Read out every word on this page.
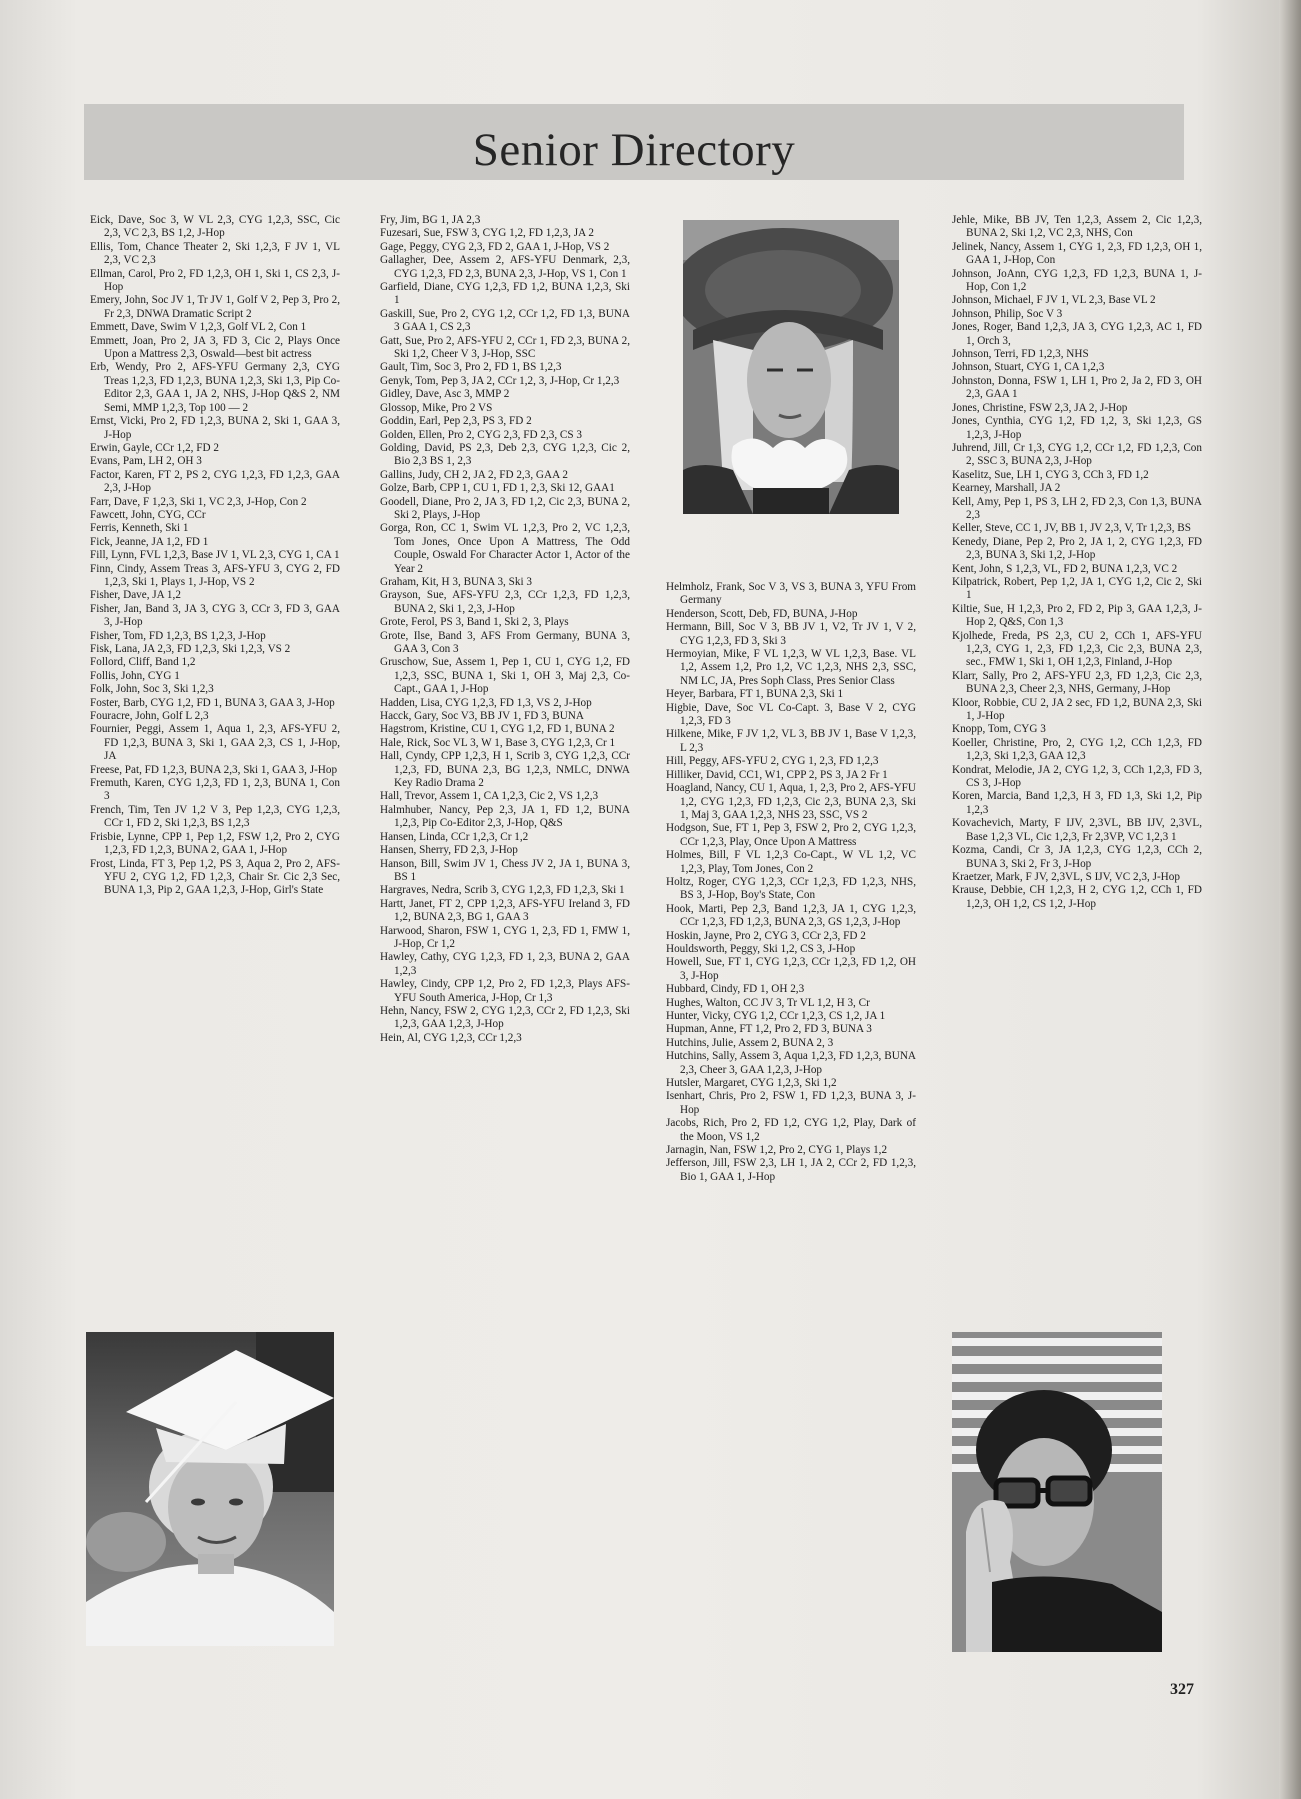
Senior Directory

Eick, Dave, Soc 3, W VL 2,3, CYG 1,2,3, SSC, Cic 2,3, VC 2,3, BS 1,2, J-Hop

Ellis, Tom, Chance Theater 2, Ski 1,2,3, F JV 1, VL 2,3, VC 2,3

Ellman, Carol, Pro 2, FD 1,2,3, OH 1, Ski 1, CS 2,3, J-Hop

Emery, John, Soc JV 1, Tr JV 1, Golf V 2, Pep 3, Pro 2, Fr 2,3, DNWA Dramatic Script 2

Emmett, Dave, Swim V 1,2,3, Golf VL 2, Con 1

Emmett, Joan, Pro 2, JA 3, FD 3, Cic 2, Plays Once Upon a Mattress 2,3, Oswald—best bit actress

Erb, Wendy, Pro 2, AFS-YFU Germany 2,3, CYG Treas 1,2,3, FD 1,2,3, BUNA 1,2,3, Ski 1,3, Pip Co-Editor 2,3, GAA 1, JA 2, NHS, J-Hop Q&S 2, NM Semi, MMP 1,2,3, Top 100 — 2

Ernst, Vicki, Pro 2, FD 1,2,3, BUNA 2, Ski 1, GAA 3, J-Hop

Erwin, Gayle, CCr 1,2, FD 2

Evans, Pam, LH 2, OH 3

Factor, Karen, FT 2, PS 2, CYG 1,2,3, FD 1,2,3, GAA 2,3, J-Hop

Farr, Dave, F 1,2,3, Ski 1, VC 2,3, J-Hop, Con 2

Fawcett, John, CYG, CCr

Ferris, Kenneth, Ski 1

Fick, Jeanne, JA 1,2, FD 1

Fill, Lynn, FVL 1,2,3, Base JV 1, VL 2,3, CYG 1, CA 1

Finn, Cindy, Assem Treas 3, AFS-YFU 3, CYG 2, FD 1,2,3, Ski 1, Plays 1, J-Hop, VS 2

Fisher, Dave, JA 1,2

Fisher, Jan, Band 3, JA 3, CYG 3, CCr 3, FD 3, GAA 3, J-Hop

Fisher, Tom, FD 1,2,3, BS 1,2,3, J-Hop

Fisk, Lana, JA 2,3, FD 1,2,3, Ski 1,2,3, VS 2

Follord, Cliff, Band 1,2

Follis, John, CYG 1

Folk, John, Soc 3, Ski 1,2,3

Foster, Barb, CYG 1,2, FD 1, BUNA 3, GAA 3, J-Hop

Fouracre, John, Golf L 2,3

Fournier, Peggi, Assem 1, Aqua 1, 2,3, AFS-YFU 2, FD 1,2,3, BUNA 3, Ski 1, GAA 2,3, CS 1, J-Hop, JA

Freese, Pat, FD 1,2,3, BUNA 2,3, Ski 1, GAA 3, J-Hop

Fremuth, Karen, CYG 1,2,3, FD 1, 2,3, BUNA 1, Con 3

French, Tim, Ten JV 1,2 V 3, Pep 1,2,3, CYG 1,2,3, CCr 1, FD 2, Ski 1,2,3, BS 1,2,3

Frisbie, Lynne, CPP 1, Pep 1,2, FSW 1,2, Pro 2, CYG 1,2,3, FD 1,2,3, BUNA 2, GAA 1, J-Hop

Frost, Linda, FT 3, Pep 1,2, PS 3, Aqua 2, Pro 2, AFS-YFU 2, CYG 1,2, FD 1,2,3, Chair Sr. Cic 2,3 Sec, BUNA 1,3, Pip 2, GAA 1,2,3, J-Hop, Girl's State

Fry, Jim, BG 1, JA 2,3

Fuzesari, Sue, FSW 3, CYG 1,2, FD 1,2,3, JA 2

Gage, Peggy, CYG 2,3, FD 2, GAA 1, J-Hop, VS 2

Gallagher, Dee, Assem 2, AFS-YFU Denmark, 2,3, CYG 1,2,3, FD 2,3, BUNA 2,3, J-Hop, VS 1, Con 1

Garfield, Diane, CYG 1,2,3, FD 1,2, BUNA 1,2,3, Ski 1

Gaskill, Sue, Pro 2, CYG 1,2, CCr 1,2, FD 1,3, BUNA 3 GAA 1, CS 2,3

Gatt, Sue, Pro 2, AFS-YFU 2, CCr 1, FD 2,3, BUNA 2, Ski 1,2, Cheer V 3, J-Hop, SSC

Gault, Tim, Soc 3, Pro 2, FD 1, BS 1,2,3

Genyk, Tom, Pep 3, JA 2, CCr 1,2, 3, J-Hop, Cr 1,2,3

Gidley, Dave, Asc 3, MMP 2

Glossop, Mike, Pro 2 VS

Goddin, Earl, Pep 2,3, PS 3, FD 2

Golden, Ellen, Pro 2, CYG 2,3, FD 2,3, CS 3

Golding, David, PS 2,3, Deb 2,3, CYG 1,2,3, Cic 2, Bio 2,3 BS 1, 2,3

Gallins, Judy, CH 2, JA 2, FD 2,3, GAA 2

Golze, Barb, CPP 1, CU 1, FD 1, 2,3, Ski 12, GAA1

Goodell, Diane, Pro 2, JA 3, FD 1,2, Cic 2,3, BUNA 2, Ski 2, Plays, J-Hop

Gorga, Ron, CC 1, Swim VL 1,2,3, Pro 2, VC 1,2,3, Tom Jones, Once Upon A Mattress, The Odd Couple, Oswald For Character Actor 1, Actor of the Year 2

Graham, Kit, H 3, BUNA 3, Ski 3

Grayson, Sue, AFS-YFU 2,3, CCr 1,2,3, FD 1,2,3, BUNA 2, Ski 1, 2,3, J-Hop

Grote, Ferol, PS 3, Band 1, Ski 2, 3, Plays

Grote, Ilse, Band 3, AFS From Germany, BUNA 3, GAA 3, Con 3

Gruschow, Sue, Assem 1, Pep 1, CU 1, CYG 1,2, FD 1,2,3, SSC, BUNA 1, Ski 1, OH 3, Maj 2,3, Co-Capt., GAA 1, J-Hop

Hadden, Lisa, CYG 1,2,3, FD 1,3, VS 2, J-Hop

Hacck, Gary, Soc V3, BB JV 1, FD 3, BUNA

Hagstrom, Kristine, CU 1, CYG 1,2, FD 1, BUNA 2

Hale, Rick, Soc VL 3, W 1, Base 3, CYG 1,2,3, Cr 1

Hall, Cyndy, CPP 1,2,3, H 1, Scrib 3, CYG 1,2,3, CCr 1,2,3, FD, BUNA 2,3, BG 1,2,3, NMLC, DNWA Key Radio Drama 2

Hall, Trevor, Assem 1, CA 1,2,3, Cic 2, VS 1,2,3

Halmhuber, Nancy, Pep 2,3, JA 1, FD 1,2, BUNA 1,2,3, Pip Co-Editor 2,3, J-Hop, Q&S

Hansen, Linda, CCr 1,2,3, Cr 1,2

Hansen, Sherry, FD 2,3, J-Hop

Hanson, Bill, Swim JV 1, Chess JV 2, JA 1, BUNA 3, BS 1

Hargraves, Nedra, Scrib 3, CYG 1,2,3, FD 1,2,3, Ski 1

Hartt, Janet, FT 2, CPP 1,2,3, AFS-YFU Ireland 3, FD 1,2, BUNA 2,3, BG 1, GAA 3

Harwood, Sharon, FSW 1, CYG 1, 2,3, FD 1, FMW 1, J-Hop, Cr 1,2

Hawley, Cathy, CYG 1,2,3, FD 1, 2,3, BUNA 2, GAA 1,2,3

Hawley, Cindy, CPP 1,2, Pro 2, FD 1,2,3, Plays AFS-YFU South America, J-Hop, Cr 1,3

Hehn, Nancy, FSW 2, CYG 1,2,3, CCr 2, FD 1,2,3, Ski 1,2,3, GAA 1,2,3, J-Hop

Hein, Al, CYG 1,2,3, CCr 1,2,3

Helmholz, Frank, Soc V 3, VS 3, BUNA 3, YFU From Germany

Henderson, Scott, Deb, FD, BUNA, J-Hop

Hermann, Bill, Soc V 3, BB JV 1, V2, Tr JV 1, V 2, CYG 1,2,3, FD 3, Ski 3

Hermoyian, Mike, F VL 1,2,3, W VL 1,2,3, Base. VL 1,2, Assem 1,2, Pro 1,2, VC 1,2,3, NHS 2,3, SSC, NM LC, JA, Pres Soph Class, Pres Senior Class

Heyer, Barbara, FT 1, BUNA 2,3, Ski 1

Higbie, Dave, Soc VL Co-Capt. 3, Base V 2, CYG 1,2,3, FD 3

Hilkene, Mike, F JV 1,2, VL 3, BB JV 1, Base V 1,2,3, L 2,3

Hill, Peggy, AFS-YFU 2, CYG 1, 2,3, FD 1,2,3

Hilliker, David, CC1, W1, CPP 2, PS 3, JA 2 Fr 1

Hoagland, Nancy, CU 1, Aqua, 1, 2,3, Pro 2, AFS-YFU 1,2, CYG 1,2,3, FD 1,2,3, Cic 2,3, BUNA 2,3, Ski 1, Maj 3, GAA 1,2,3, NHS 23, SSC, VS 2

Hodgson, Sue, FT 1, Pep 3, FSW 2, Pro 2, CYG 1,2,3, CCr 1,2,3, Play, Once Upon A Mattress

Holmes, Bill, F VL 1,2,3 Co-Capt., W VL 1,2, VC 1,2,3, Play, Tom Jones, Con 2

Holtz, Roger, CYG 1,2,3, CCr 1,2,3, FD 1,2,3, NHS, BS 3, J-Hop, Boy's State, Con

Hook, Marti, Pep 2,3, Band 1,2,3, JA 1, CYG 1,2,3, CCr 1,2,3, FD 1,2,3, BUNA 2,3, GS 1,2,3, J-Hop

Hoskin, Jayne, Pro 2, CYG 3, CCr 2,3, FD 2

Houldsworth, Peggy, Ski 1,2, CS 3, J-Hop

Howell, Sue, FT 1, CYG 1,2,3, CCr 1,2,3, FD 1,2, OH 3, J-Hop

Hubbard, Cindy, FD 1, OH 2,3

Hughes, Walton, CC JV 3, Tr VL 1,2, H 3, Cr

Hunter, Vicky, CYG 1,2, CCr 1,2,3, CS 1,2, JA 1

Hupman, Anne, FT 1,2, Pro 2, FD 3, BUNA 3

Hutchins, Julie, Assem 2, BUNA 2, 3

Hutchins, Sally, Assem 3, Aqua 1,2,3, FD 1,2,3, BUNA 2,3, Cheer 3, GAA 1,2,3, J-Hop

Hutsler, Margaret, CYG 1,2,3, Ski 1,2

Isenhart, Chris, Pro 2, FSW 1, FD 1,2,3, BUNA 3, J-Hop

Jacobs, Rich, Pro 2, FD 1,2, CYG 1,2, Play, Dark of the Moon, VS 1,2

Jarnagin, Nan, FSW 1,2, Pro 2, CYG 1, Plays 1,2

Jefferson, Jill, FSW 2,3, LH 1, JA 2, CCr 2, FD 1,2,3, Bio 1, GAA 1, J-Hop

Jehle, Mike, BB JV, Ten 1,2,3, Assem 2, Cic 1,2,3, BUNA 2, Ski 1,2, VC 2,3, NHS, Con

Jelinek, Nancy, Assem 1, CYG 1, 2,3, FD 1,2,3, OH 1, GAA 1, J-Hop, Con

Johnson, JoAnn, CYG 1,2,3, FD 1,2,3, BUNA 1, J-Hop, Con 1,2

Johnson, Michael, F JV 1, VL 2,3, Base VL 2

Johnson, Philip, Soc V 3

Jones, Roger, Band 1,2,3, JA 3, CYG 1,2,3, AC 1, FD 1, Orch 3,

Johnson, Terri, FD 1,2,3, NHS

Johnson, Stuart, CYG 1, CA 1,2,3

Johnston, Donna, FSW 1, LH 1, Pro 2, Ja 2, FD 3, OH 2,3, GAA 1

Jones, Christine, FSW 2,3, JA 2, J-Hop

Jones, Cynthia, CYG 1,2, FD 1,2, 3, Ski 1,2,3, GS 1,2,3, J-Hop

Juhrend, Jill, Cr 1,3, CYG 1,2, CCr 1,2, FD 1,2,3, Con 2, SSC 3, BUNA 2,3, J-Hop

Kaselitz, Sue, LH 1, CYG 3, CCh 3, FD 1,2

Kearney, Marshall, JA 2

Kell, Amy, Pep 1, PS 3, LH 2, FD 2,3, Con 1,3, BUNA 2,3

Keller, Steve, CC 1, JV, BB 1, JV 2,3, V, Tr 1,2,3, BS

Kenedy, Diane, Pep 2, Pro 2, JA 1, 2, CYG 1,2,3, FD 2,3, BUNA 3, Ski 1,2, J-Hop

Kent, John, S 1,2,3, VL, FD 2, BUNA 1,2,3, VC 2

Kilpatrick, Robert, Pep 1,2, JA 1, CYG 1,2, Cic 2, Ski 1

Kiltie, Sue, H 1,2,3, Pro 2, FD 2, Pip 3, GAA 1,2,3, J-Hop 2, Q&S, Con 1,3

Kjolhede, Freda, PS 2,3, CU 2, CCh 1, AFS-YFU 1,2,3, CYG 1, 2,3, FD 1,2,3, Cic 2,3, BUNA 2,3, sec., FMW 1, Ski 1, OH 1,2,3, Finland, J-Hop

Klarr, Sally, Pro 2, AFS-YFU 2,3, FD 1,2,3, Cic 2,3, BUNA 2,3, Cheer 2,3, NHS, Germany, J-Hop

Kloor, Robbie, CU 2, JA 2 sec, FD 1,2, BUNA 2,3, Ski 1, J-Hop

Knopp, Tom, CYG 3

Koeller, Christine, Pro, 2, CYG 1,2, CCh 1,2,3, FD 1,2,3, Ski 1,2,3, GAA 12,3

Kondrat, Melodie, JA 2, CYG 1,2, 3, CCh 1,2,3, FD 3, CS 3, J-Hop

Koren, Marcia, Band 1,2,3, H 3, FD 1,3, Ski 1,2, Pip 1,2,3

Kovachevich, Marty, F IJV, 2,3VL, BB IJV, 2,3VL, Base 1,2,3 VL, Cic 1,2,3, Fr 2,3VP, VC 1,2,3 1

Kozma, Candi, Cr 3, JA 1,2,3, CYG 1,2,3, CCh 2, BUNA 3, Ski 2, Fr 3, J-Hop

Kraetzer, Mark, F JV, 2,3VL, S IJV, VC 2,3, J-Hop

Krause, Debbie, CH 1,2,3, H 2, CYG 1,2, CCh 1, FD 1,2,3, OH 1,2, CS 1,2, J-Hop

327
